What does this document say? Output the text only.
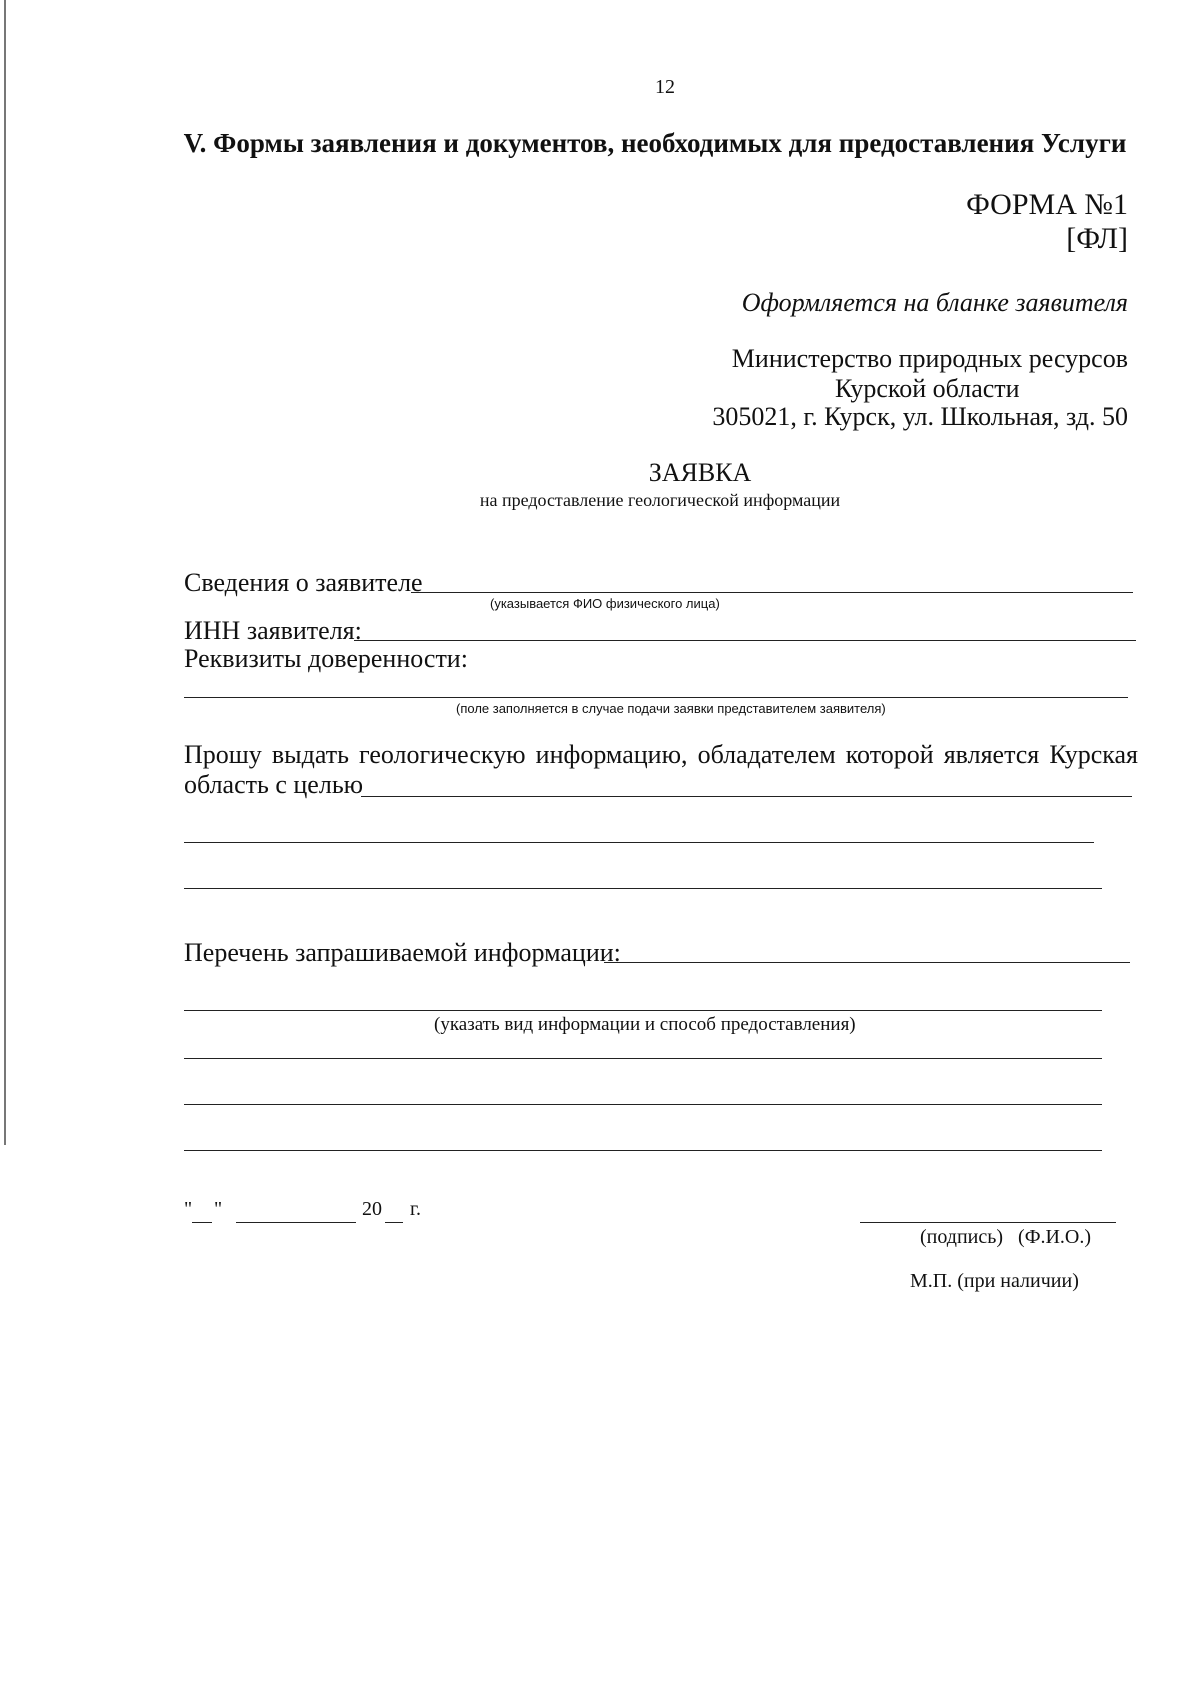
12
V. Формы заявления и документов, необходимых для предоставления Услуги
ФОРМА №1
[ФЛ]
Оформляется на бланке заявителя
Министерство природных ресурсов
Курской области
305021, г. Курск, ул. Школьная, зд. 50
ЗАЯВКА
на предоставление геологической информации
Сведения о заявителе
(указывается ФИО физического лица)
ИНН заявителя:
Реквизиты доверенности:
(поле заполняется в случае подачи заявки представителем заявителя)
Прошу выдать геологическую информацию, обладателем которой является Курская
область с целью
Перечень запрашиваемой информации:
(указать вид информации и способ предоставления)
" "	20 г.
(подпись)   (Ф.И.О.)
М.П. (при наличии)
